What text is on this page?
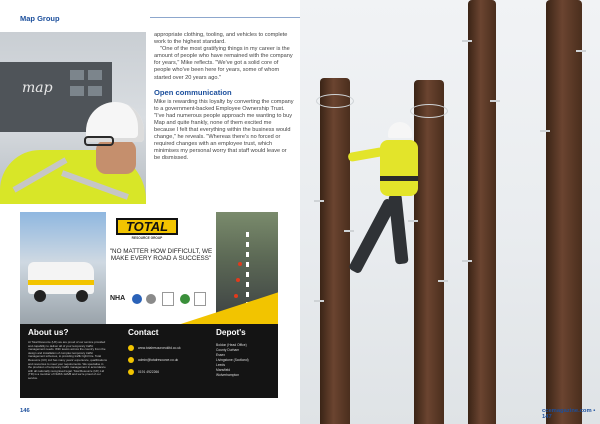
Map Group
map

appropriate clothing, tooling, and vehicles to complete work to the highest standard.

"One of the most gratifying things in my career is the amount of people who have remained with the company for years," Mike reflects. "We've got a solid core of people who've been here for years, some of whom started over 20 years ago."

Open communication

Mike is rewarding this loyalty by converting the company to a government-backed Employee Ownership Trust. "I've had numerous people approach me wanting to buy Map and quite frankly, none of them excited me because I felt that everything within the business would change," he reveals. "Whereas there's no forced or required changes with an employee trust, which minimises my personal worry that staff would leave or be dismissed.

TOTAL
RESOURCE GROUP
"NO MATTER HOW DIFFICULT, WE MAKE EVERY ROAD A SUCCESS"
NHA
About us?
At Total Resource (UK) we are proud of our service provided and capability to deliver all of your temporary traffic management needs. With teams across the country from the design and installation of complex temporary traffic management schemes, to providing traffic light hire. Total Resource (UK) Ltd has many years' experience, qualifications and resources to meet your requirements. We specialise in the provision of temporary traffic management in accordance with all nationally recognised legal. Total Resource (UK) Ltd (TR) is a member of NHSS 12A/B and we're proud of our service.
Contact
www.totalresourceukltd.co.uk
admin@totalresource.co.uk
0191 4922266
Depot's
Boldon (Head Office)
County Durham
Essex
Livingstone (Scotland)
Leeds
Mansfield
Wolverhampton
146	ccemagazine.com • 147
